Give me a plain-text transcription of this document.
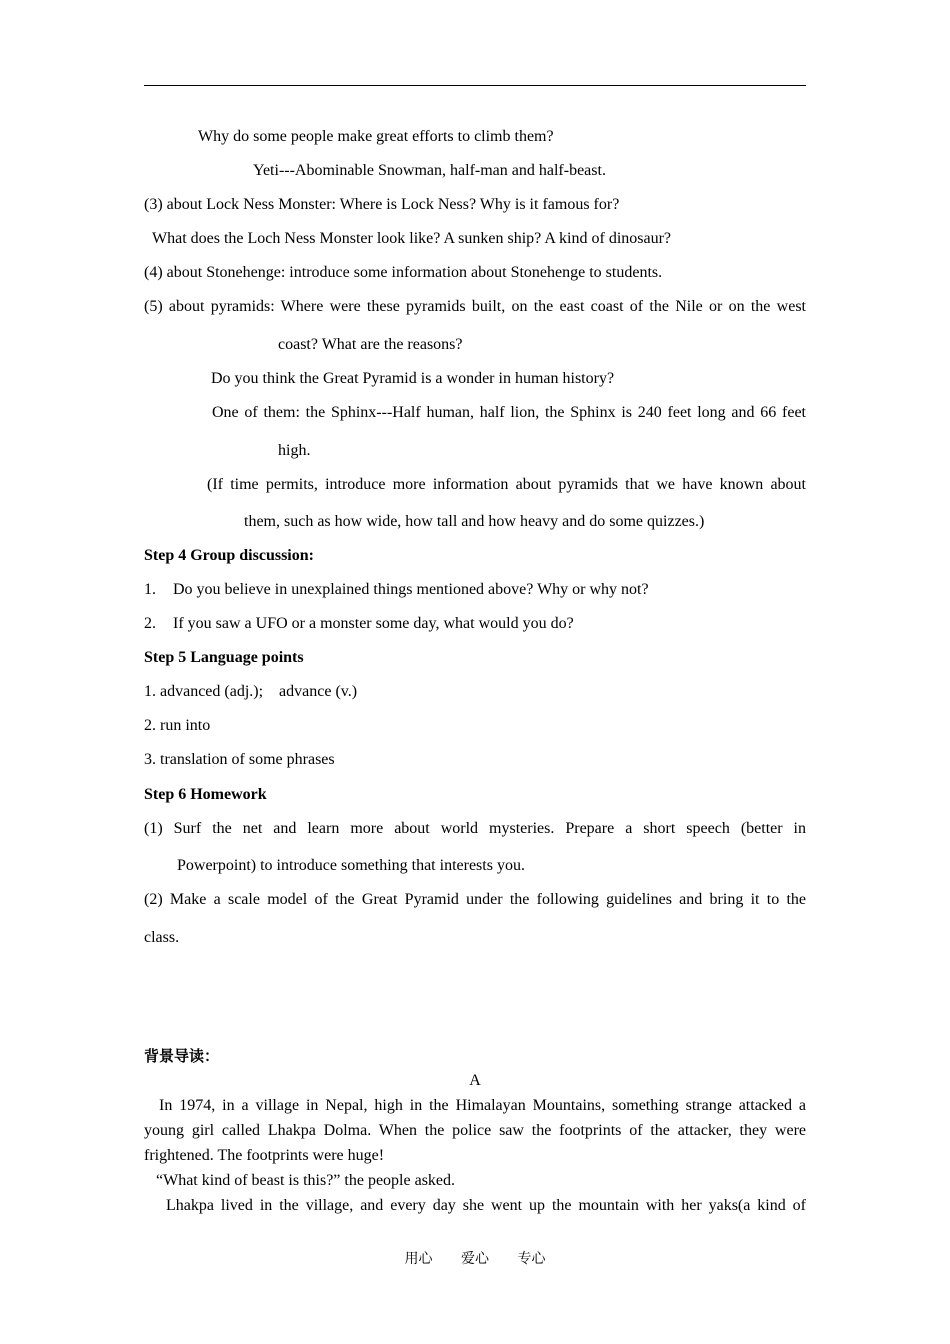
Why do some people make great efforts to climb them?
Yeti---Abominable Snowman, half-man and half-beast.
(3) about Lock Ness Monster: Where is Lock Ness? Why is it famous for?
What does the Loch Ness Monster look like? A sunken ship? A kind of dinosaur?
(4) about Stonehenge: introduce some information about Stonehenge to students.
(5) about pyramids: Where were these pyramids built, on the east coast of the Nile or on the west
coast? What are the reasons?
Do you think the Great Pyramid is a wonder in human history?
One of them: the Sphinx---Half human, half lion, the Sphinx is 240 feet long and 66 feet
high.
(If time permits, introduce more information about pyramids that we have known about
them, such as how wide, how tall and how heavy and do some quizzes.)
Step 4 Group discussion:
1. Do you believe in unexplained things mentioned above? Why or why not?
2. If you saw a UFO or a monster some day, what would you do?
Step 5 Language points
1. advanced (adj.);    advance (v.)
2. run into
3. translation of some phrases
Step 6 Homework
(1) Surf the net and learn more about world mysteries. Prepare a short speech (better in
Powerpoint) to introduce something that interests you.
(2) Make a scale model of the Great Pyramid under the following guidelines and bring it to the
class.
背景导读：
A
In 1974, in a village in Nepal, high in the Himalayan Mountains, something strange attacked a
young girl called Lhakpa Dolma. When the police saw the footprints of the attacker, they were
frightened. The footprints were huge!
“What kind of beast is this?” the people asked.
Lhakpa lived in the village, and every day she went up the mountain with her yaks(a kind of
用心 爱心 专心
